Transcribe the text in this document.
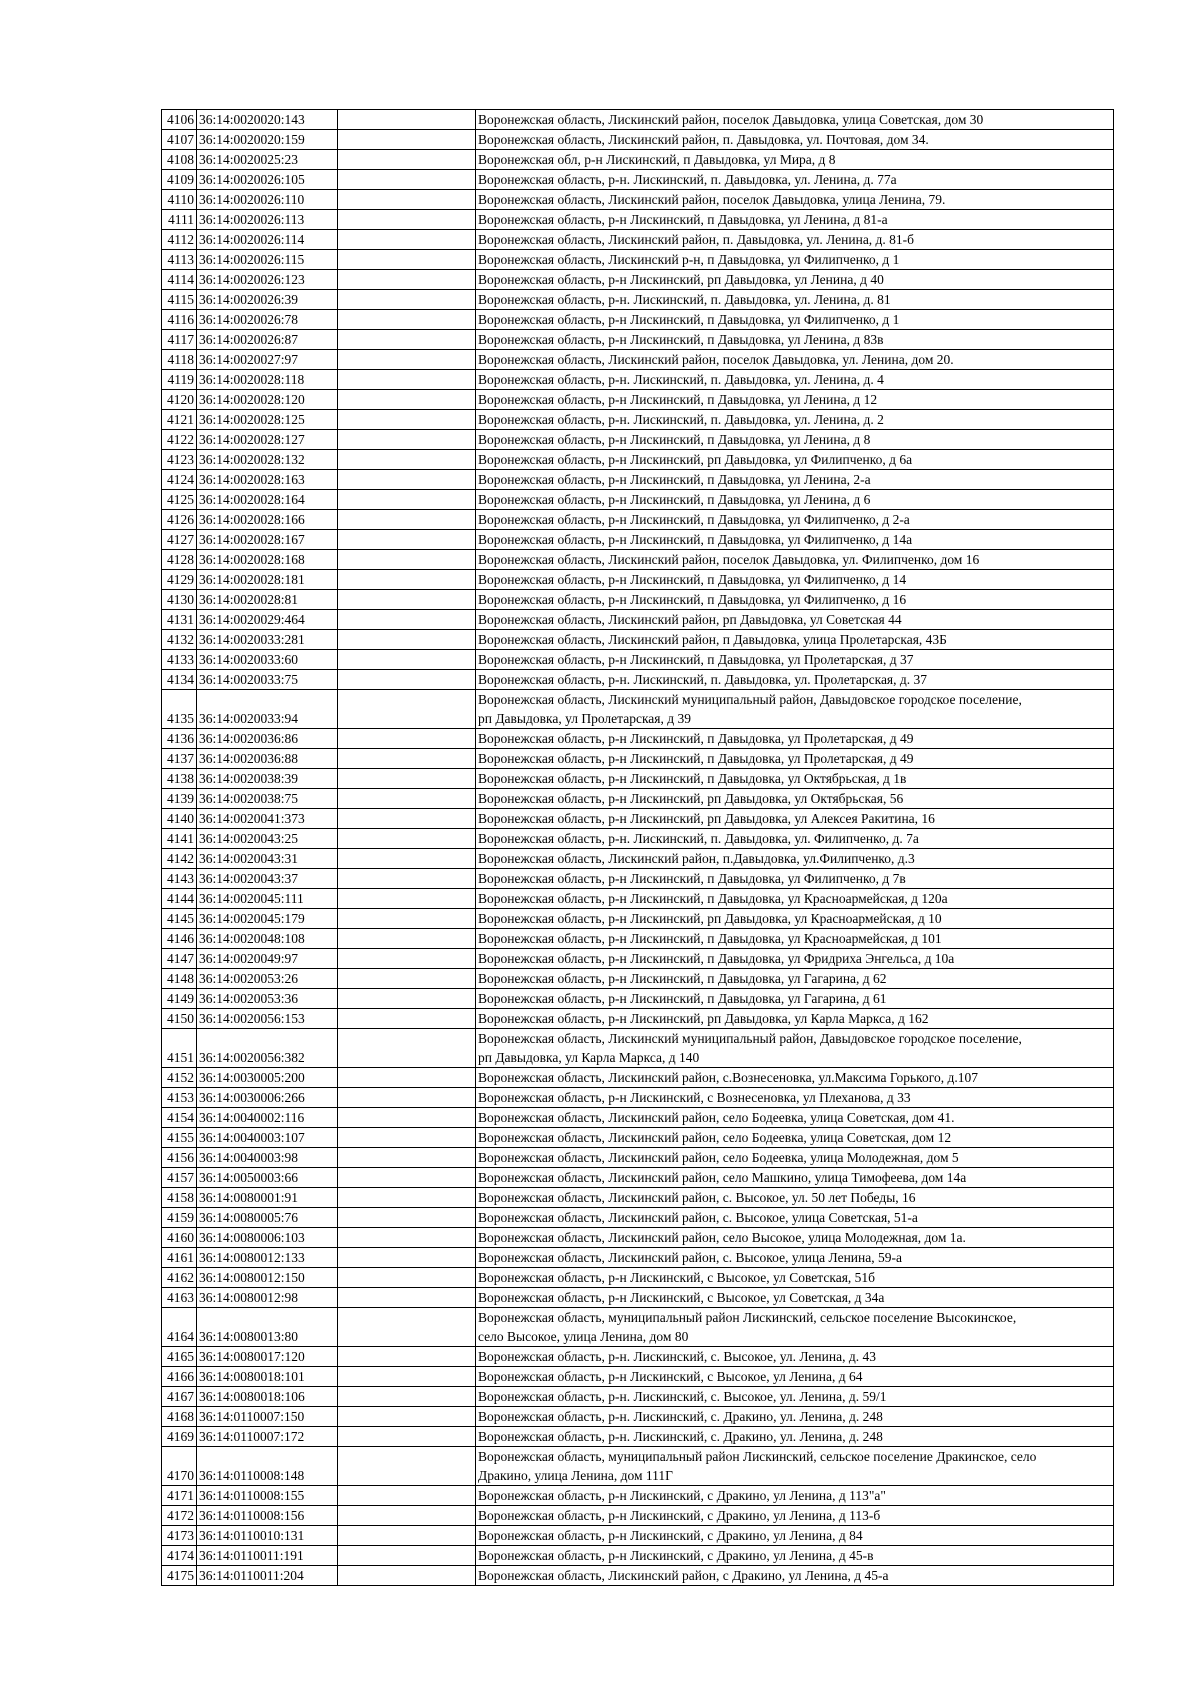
4106	36:14:0020020:143		Воронежская область, Лискинский район, поселок Давыдовка, улица Советская, дом 30
4107	36:14:0020020:159		Воронежская область, Лискинский район, п. Давыдовка, ул. Почтовая, дом 34.
4108	36:14:0020025:23		Воронежская обл, р-н Лискинский, п Давыдовка, ул Мира, д 8
4109	36:14:0020026:105		Воронежская область, р-н. Лискинский, п. Давыдовка, ул. Ленина, д. 77а
4110	36:14:0020026:110		Воронежская область, Лискинский район, поселок Давыдовка, улица Ленина, 79.
4111	36:14:0020026:113		Воронежская область, р-н Лискинский, п Давыдовка, ул Ленина, д 81-а
4112	36:14:0020026:114		Воронежская область, Лискинский район, п. Давыдовка, ул. Ленина, д. 81-б
4113	36:14:0020026:115		Воронежская область, Лискинский р-н, п Давыдовка, ул Филипченко, д 1
4114	36:14:0020026:123		Воронежская область, р-н Лискинский, рп Давыдовка, ул Ленина, д 40
4115	36:14:0020026:39		Воронежская область, р-н. Лискинский, п. Давыдовка, ул. Ленина, д. 81
4116	36:14:0020026:78		Воронежская область, р-н Лискинский, п Давыдовка, ул Филипченко, д 1
4117	36:14:0020026:87		Воронежская область, р-н Лискинский, п Давыдовка, ул Ленина, д 83в
4118	36:14:0020027:97		Воронежская область, Лискинский район, поселок Давыдовка, ул. Ленина, дом 20.
4119	36:14:0020028:118		Воронежская область, р-н. Лискинский, п. Давыдовка, ул. Ленина, д. 4
4120	36:14:0020028:120		Воронежская область, р-н Лискинский, п Давыдовка, ул Ленина, д 12
4121	36:14:0020028:125		Воронежская область, р-н. Лискинский, п. Давыдовка, ул. Ленина, д. 2
4122	36:14:0020028:127		Воронежская область, р-н Лискинский, п Давыдовка, ул Ленина, д 8
4123	36:14:0020028:132		Воронежская область, р-н Лискинский, рп Давыдовка, ул Филипченко, д 6а
4124	36:14:0020028:163		Воронежская область, р-н Лискинский, п Давыдовка, ул Ленина, 2-а
4125	36:14:0020028:164		Воронежская область, р-н Лискинский, п Давыдовка, ул Ленина, д 6
4126	36:14:0020028:166		Воронежская область, р-н Лискинский, п Давыдовка, ул Филипченко, д 2-а
4127	36:14:0020028:167		Воронежская область, р-н Лискинский, п Давыдовка, ул Филипченко, д 14а
4128	36:14:0020028:168		Воронежская область, Лискинский район, поселок Давыдовка, ул. Филипченко, дом 16
4129	36:14:0020028:181		Воронежская область, р-н Лискинский, п Давыдовка, ул Филипченко, д 14
4130	36:14:0020028:81		Воронежская область, р-н Лискинский, п Давыдовка, ул Филипченко, д 16
4131	36:14:0020029:464		Воронежская область, Лискинский район, рп Давыдовка, ул Советская 44
4132	36:14:0020033:281		Воронежская область, Лискинский район, п Давыдовка, улица Пролетарская, 43Б
4133	36:14:0020033:60		Воронежская область, р-н Лискинский, п Давыдовка, ул Пролетарская, д 37
4134	36:14:0020033:75		Воронежская область, р-н. Лискинский, п. Давыдовка, ул. Пролетарская, д. 37
4135	36:14:0020033:94		Воронежская область, Лискинский муниципальный район, Давыдовское городское поселение,
рп Давыдовка, ул Пролетарская, д 39

4136	36:14:0020036:86		Воронежская область, р-н Лискинский, п Давыдовка, ул Пролетарская, д 49
4137	36:14:0020036:88		Воронежская область, р-н Лискинский, п Давыдовка, ул Пролетарская, д 49
4138	36:14:0020038:39		Воронежская область, р-н Лискинский, п Давыдовка, ул Октябрьская, д 1в
4139	36:14:0020038:75		Воронежская область, р-н Лискинский, рп Давыдовка, ул Октябрьская, 56
4140	36:14:0020041:373		Воронежская область, р-н Лискинский, рп Давыдовка, ул Алексея Ракитина, 16
4141	36:14:0020043:25		Воронежская область, р-н. Лискинский, п. Давыдовка, ул. Филипченко, д. 7а
4142	36:14:0020043:31		Воронежская область, Лискинский район, п.Давыдовка, ул.Филипченко, д.3
4143	36:14:0020043:37		Воронежская область, р-н Лискинский, п Давыдовка, ул Филипченко, д 7в
4144	36:14:0020045:111		Воронежская область, р-н Лискинский, п Давыдовка, ул Красноармейская, д 120а
4145	36:14:0020045:179		Воронежская область, р-н Лискинский, рп Давыдовка, ул Красноармейская, д 10
4146	36:14:0020048:108		Воронежская область, р-н Лискинский, п Давыдовка, ул Красноармейская, д 101
4147	36:14:0020049:97		Воронежская область, р-н Лискинский, п Давыдовка, ул Фридриха Энгельса, д 10а
4148	36:14:0020053:26		Воронежская область, р-н Лискинский, п Давыдовка, ул Гагарина, д 62
4149	36:14:0020053:36		Воронежская область, р-н Лискинский, п Давыдовка, ул Гагарина, д 61
4150	36:14:0020056:153		Воронежская область, р-н Лискинский, рп Давыдовка, ул Карла Маркса, д 162
4151	36:14:0020056:382		Воронежская область, Лискинский муниципальный район, Давыдовское городское поселение,
рп Давыдовка, ул Карла Маркса, д 140

4152	36:14:0030005:200		Воронежская область, Лискинский район, с.Вознесеновка, ул.Максима Горького, д.107
4153	36:14:0030006:266		Воронежская область, р-н Лискинский, с Вознесеновка, ул Плеханова, д 33
4154	36:14:0040002:116		Воронежская область, Лискинский район, село Бодеевка, улица Советская, дом 41.
4155	36:14:0040003:107		Воронежская область, Лискинский район, село Бодеевка, улица Советская, дом 12
4156	36:14:0040003:98		Воронежская область, Лискинский район, село Бодеевка, улица Молодежная, дом 5
4157	36:14:0050003:66		Воронежская область, Лискинский район, село Машкино, улица Тимофеева, дом 14а
4158	36:14:0080001:91		Воронежская область, Лискинский район, с. Высокое, ул. 50 лет Победы, 16
4159	36:14:0080005:76		Воронежская область, Лискинский район, с. Высокое, улица Советская, 51-а
4160	36:14:0080006:103		Воронежская область, Лискинский район, село Высокое, улица Молодежная, дом 1а.
4161	36:14:0080012:133		Воронежская область, Лискинский район, с. Высокое, улица Ленина, 59-а
4162	36:14:0080012:150		Воронежская область, р-н Лискинский, с Высокое, ул Советская, 51б
4163	36:14:0080012:98		Воронежская область, р-н Лискинский, с Высокое, ул Советская, д 34а
4164	36:14:0080013:80		Воронежская область, муниципальный район Лискинский, сельское поселение Высокинское,
село Высокое, улица Ленина, дом 80

4165	36:14:0080017:120		Воронежская область, р-н. Лискинский, с. Высокое, ул. Ленина, д. 43
4166	36:14:0080018:101		Воронежская область, р-н Лискинский, с Высокое, ул Ленина, д 64
4167	36:14:0080018:106		Воронежская область, р-н. Лискинский, с. Высокое, ул. Ленина, д. 59/1
4168	36:14:0110007:150		Воронежская область, р-н. Лискинский, с. Дракино, ул. Ленина, д. 248
4169	36:14:0110007:172		Воронежская область, р-н. Лискинский, с. Дракино, ул. Ленина, д. 248
4170	36:14:0110008:148		Воронежская область, муниципальный район Лискинский, сельское поселение Дракинское, село
Дракино, улица Ленина, дом 111Г

4171	36:14:0110008:155		Воронежская область, р-н Лискинский, с Дракино, ул Ленина, д 113"а"
4172	36:14:0110008:156		Воронежская область, р-н Лискинский, с Дракино, ул Ленина, д 113-б
4173	36:14:0110010:131		Воронежская область, р-н Лискинский, с Дракино, ул Ленина, д 84
4174	36:14:0110011:191		Воронежская область, р-н Лискинский, с Дракино, ул Ленина, д 45-в
4175	36:14:0110011:204		Воронежская область, Лискинский район, с Дракино, ул Ленина, д 45-а
